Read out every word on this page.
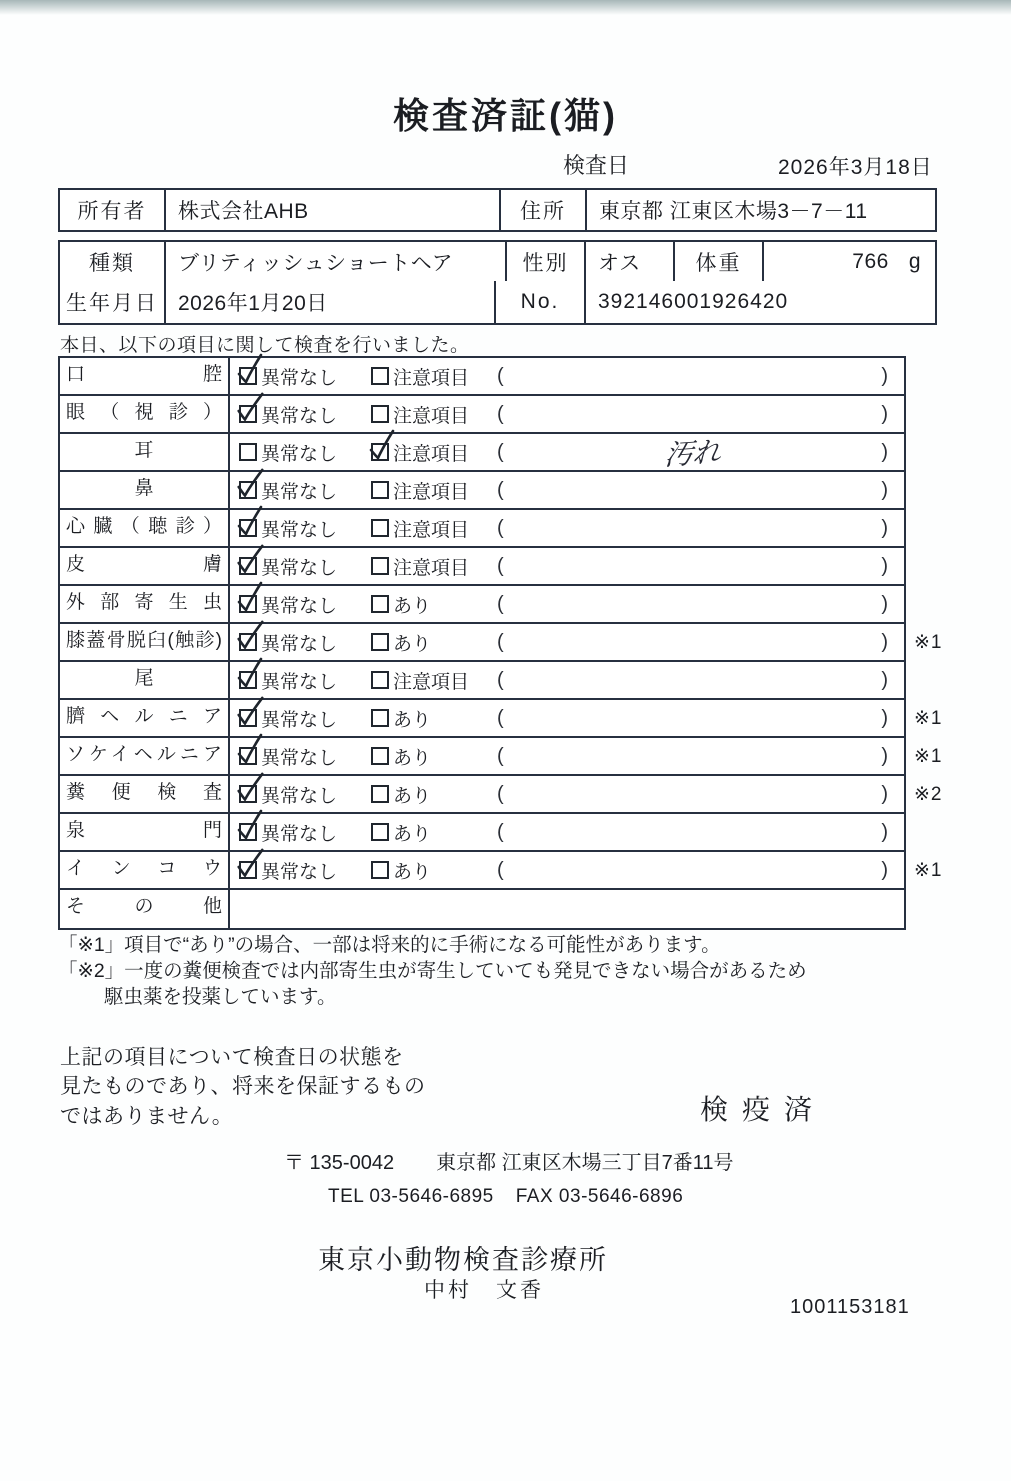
検査済証(猫)
検査日	2026年3月18日
所有者	株式会社AHB	住所	東京都 江東区木場3－7－11
種類	ブリティッシュショートヘア	性別	オス	体重	766 g
生年月日 2026年1月20日	No.	392146001926420
本日、以下の項目に関して検査を行いました。
口腔	異常なし	注意項目 (	)
眼（視診）	異常なし	注意項目 (	)
耳	異常なし	注意項目 (	汚れ	)
鼻	異常なし	注意項目 (	)
心臓（聴診）	異常なし	注意項目 (	)
皮膚	異常なし	注意項目 (	)
外部寄生虫	異常なし	あり	(	)
膝蓋骨脱臼(触診)	異常なし	あり	(	) ※1
尾	異常なし	注意項目 (	)
臍ヘルニア	異常なし	あり	(	) ※1
ソケイヘルニア	異常なし	あり	(	) ※1
糞便検査	異常なし	あり	(	) ※2
泉門	異常なし	あり	(	)
インコウ	異常なし	あり	(	) ※1
その他
「※1」項目で“あり”の場合、一部は将来的に手術になる可能性があります。
「※2」一度の糞便検査では内部寄生虫が寄生していても発見できない場合があるため
駆虫薬を投薬しています。
上記の項目について検査日の状態を
見たものであり、将来を保証するもの
ではありません。	検疫済
〒 135-0042 東京都 江東区木場三丁目7番11号
TEL 03-5646-6895 FAX 03-5646-6896
東京小動物検査診療所
中村　文香
1001153181
